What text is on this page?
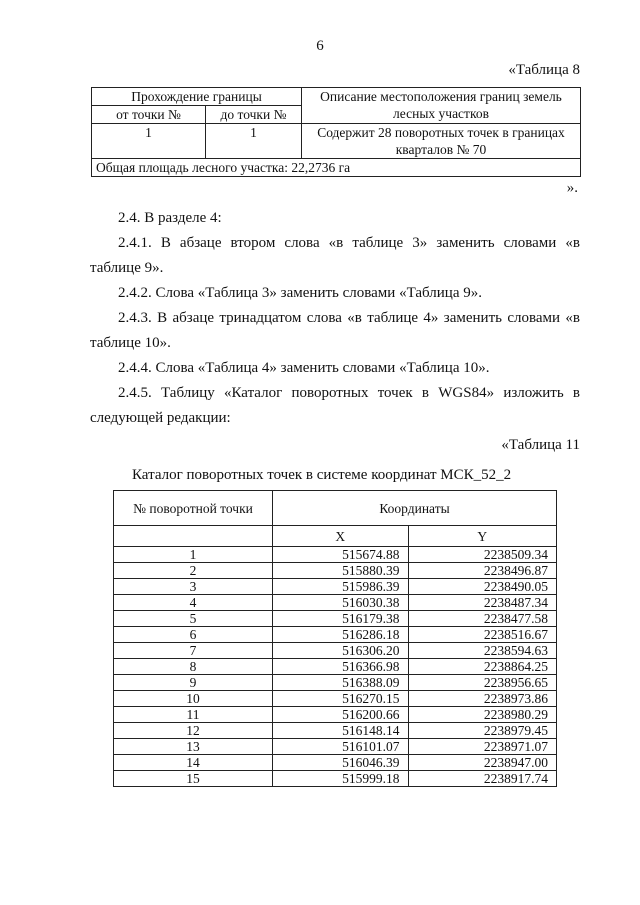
6
«Таблица 8
Прохождение границы		Описание местоположения границ земель лесных участков
от точки №	до точки №	
1	1	Содержит 28 поворотных точек в границах кварталов № 70
Общая площадь лесного участка: 22,2736 га		
».
2.4. В разделе 4:
2.4.1. В абзаце втором слова «в таблице 3» заменить словами «в таблице 9».
2.4.2. Слова «Таблица 3» заменить словами «Таблица 9».
2.4.3. В абзаце тринадцатом слова «в таблице 4» заменить словами «в таблице 10».
2.4.4. Слова «Таблица 4» заменить словами «Таблица 10».
2.4.5. Таблицу «Каталог поворотных точек в WGS84» изложить в следующей редакции:
«Таблица 11
Каталог поворотных точек в системе координат МСК_52_2
№ поворотной точки	Координаты	
	X	Y
1	515674.88	2238509.34
2	515880.39	2238496.87
3	515986.39	2238490.05
4	516030.38	2238487.34
5	516179.38	2238477.58
6	516286.18	2238516.67
7	516306.20	2238594.63
8	516366.98	2238864.25
9	516388.09	2238956.65
10	516270.15	2238973.86
11	516200.66	2238980.29
12	516148.14	2238979.45
13	516101.07	2238971.07
14	516046.39	2238947.00
15	515999.18	2238917.74
